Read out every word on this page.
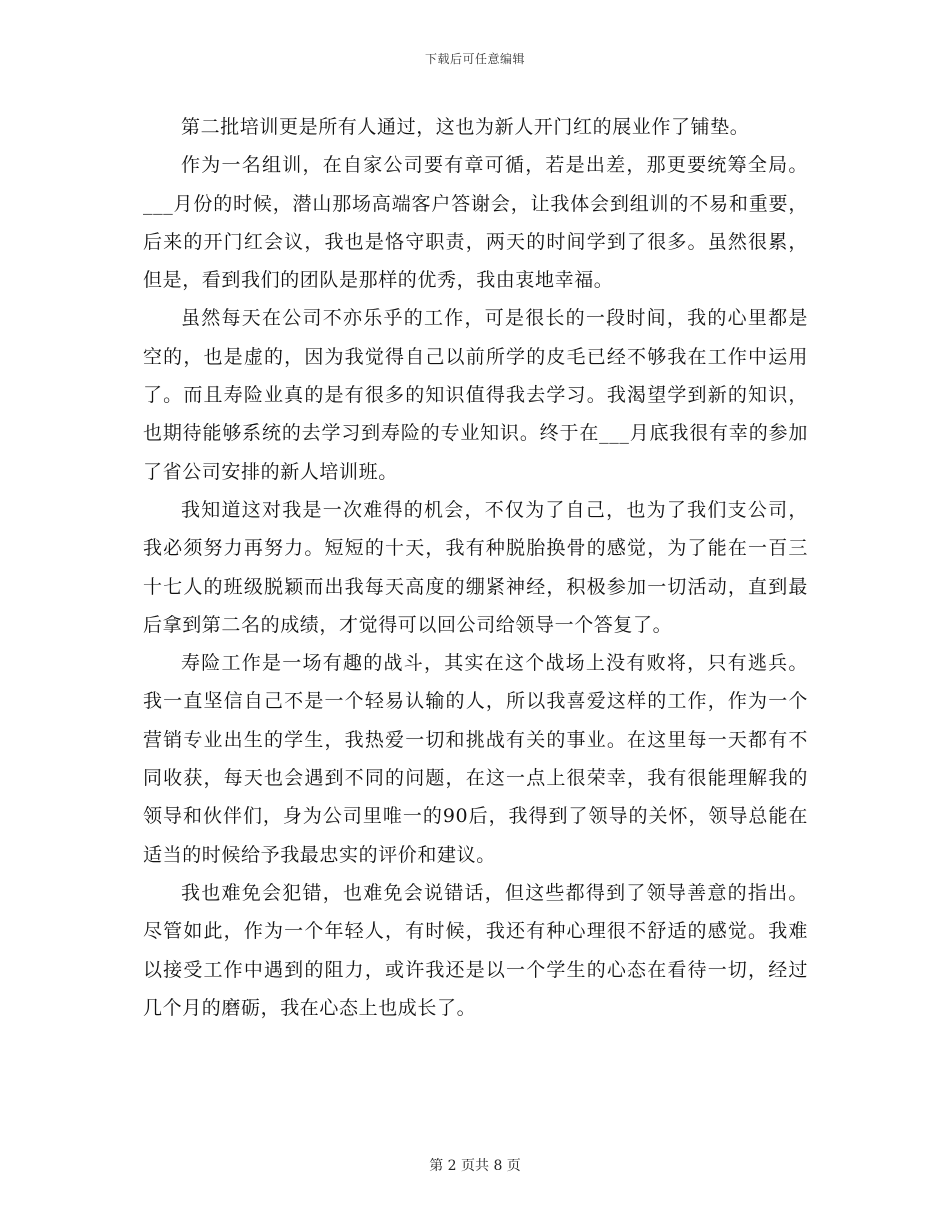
下载后可任意编辑

第二批培训更是所有人通过，这也为新人开门红的展业作了铺垫。

作为一名组训，在自家公司要有章可循，若是出差，那更要统筹全局。___月份的时候，潜山那场高端客户答谢会，让我体会到组训的不易和重要，后来的开门红会议，我也是恪守职责，两天的时间学到了很多。虽然很累，但是，看到我们的团队是那样的优秀，我由衷地幸福。

虽然每天在公司不亦乐乎的工作，可是很长的一段时间，我的心里都是空的，也是虚的，因为我觉得自己以前所学的皮毛已经不够我在工作中运用了。而且寿险业真的是有很多的知识值得我去学习。我渴望学到新的知识，也期待能够系统的去学习到寿险的专业知识。终于在___月底我很有幸的参加了省公司安排的新人培训班。

我知道这对我是一次难得的机会，不仅为了自己，也为了我们支公司，我必须努力再努力。短短的十天，我有种脱胎换骨的感觉，为了能在一百三十七人的班级脱颖而出我每天高度的绷紧神经，积极参加一切活动，直到最后拿到第二名的成绩，才觉得可以回公司给领导一个答复了。

寿险工作是一场有趣的战斗，其实在这个战场上没有败将，只有逃兵。我一直坚信自己不是一个轻易认输的人，所以我喜爱这样的工作，作为一个营销专业出生的学生，我热爱一切和挑战有关的事业。在这里每一天都有不同收获，每天也会遇到不同的问题，在这一点上很荣幸，我有很能理解我的领导和伙伴们，身为公司里唯一的90后，我得到了领导的关怀，领导总能在适当的时候给予我最忠实的评价和建议。

我也难免会犯错，也难免会说错话，但这些都得到了领导善意的指出。尽管如此，作为一个年轻人，有时候，我还有种心理很不舒适的感觉。我难以接受工作中遇到的阻力，或许我还是以一个学生的心态在看待一切，经过几个月的磨砺，我在心态上也成长了。

第 2 页共 8 页
